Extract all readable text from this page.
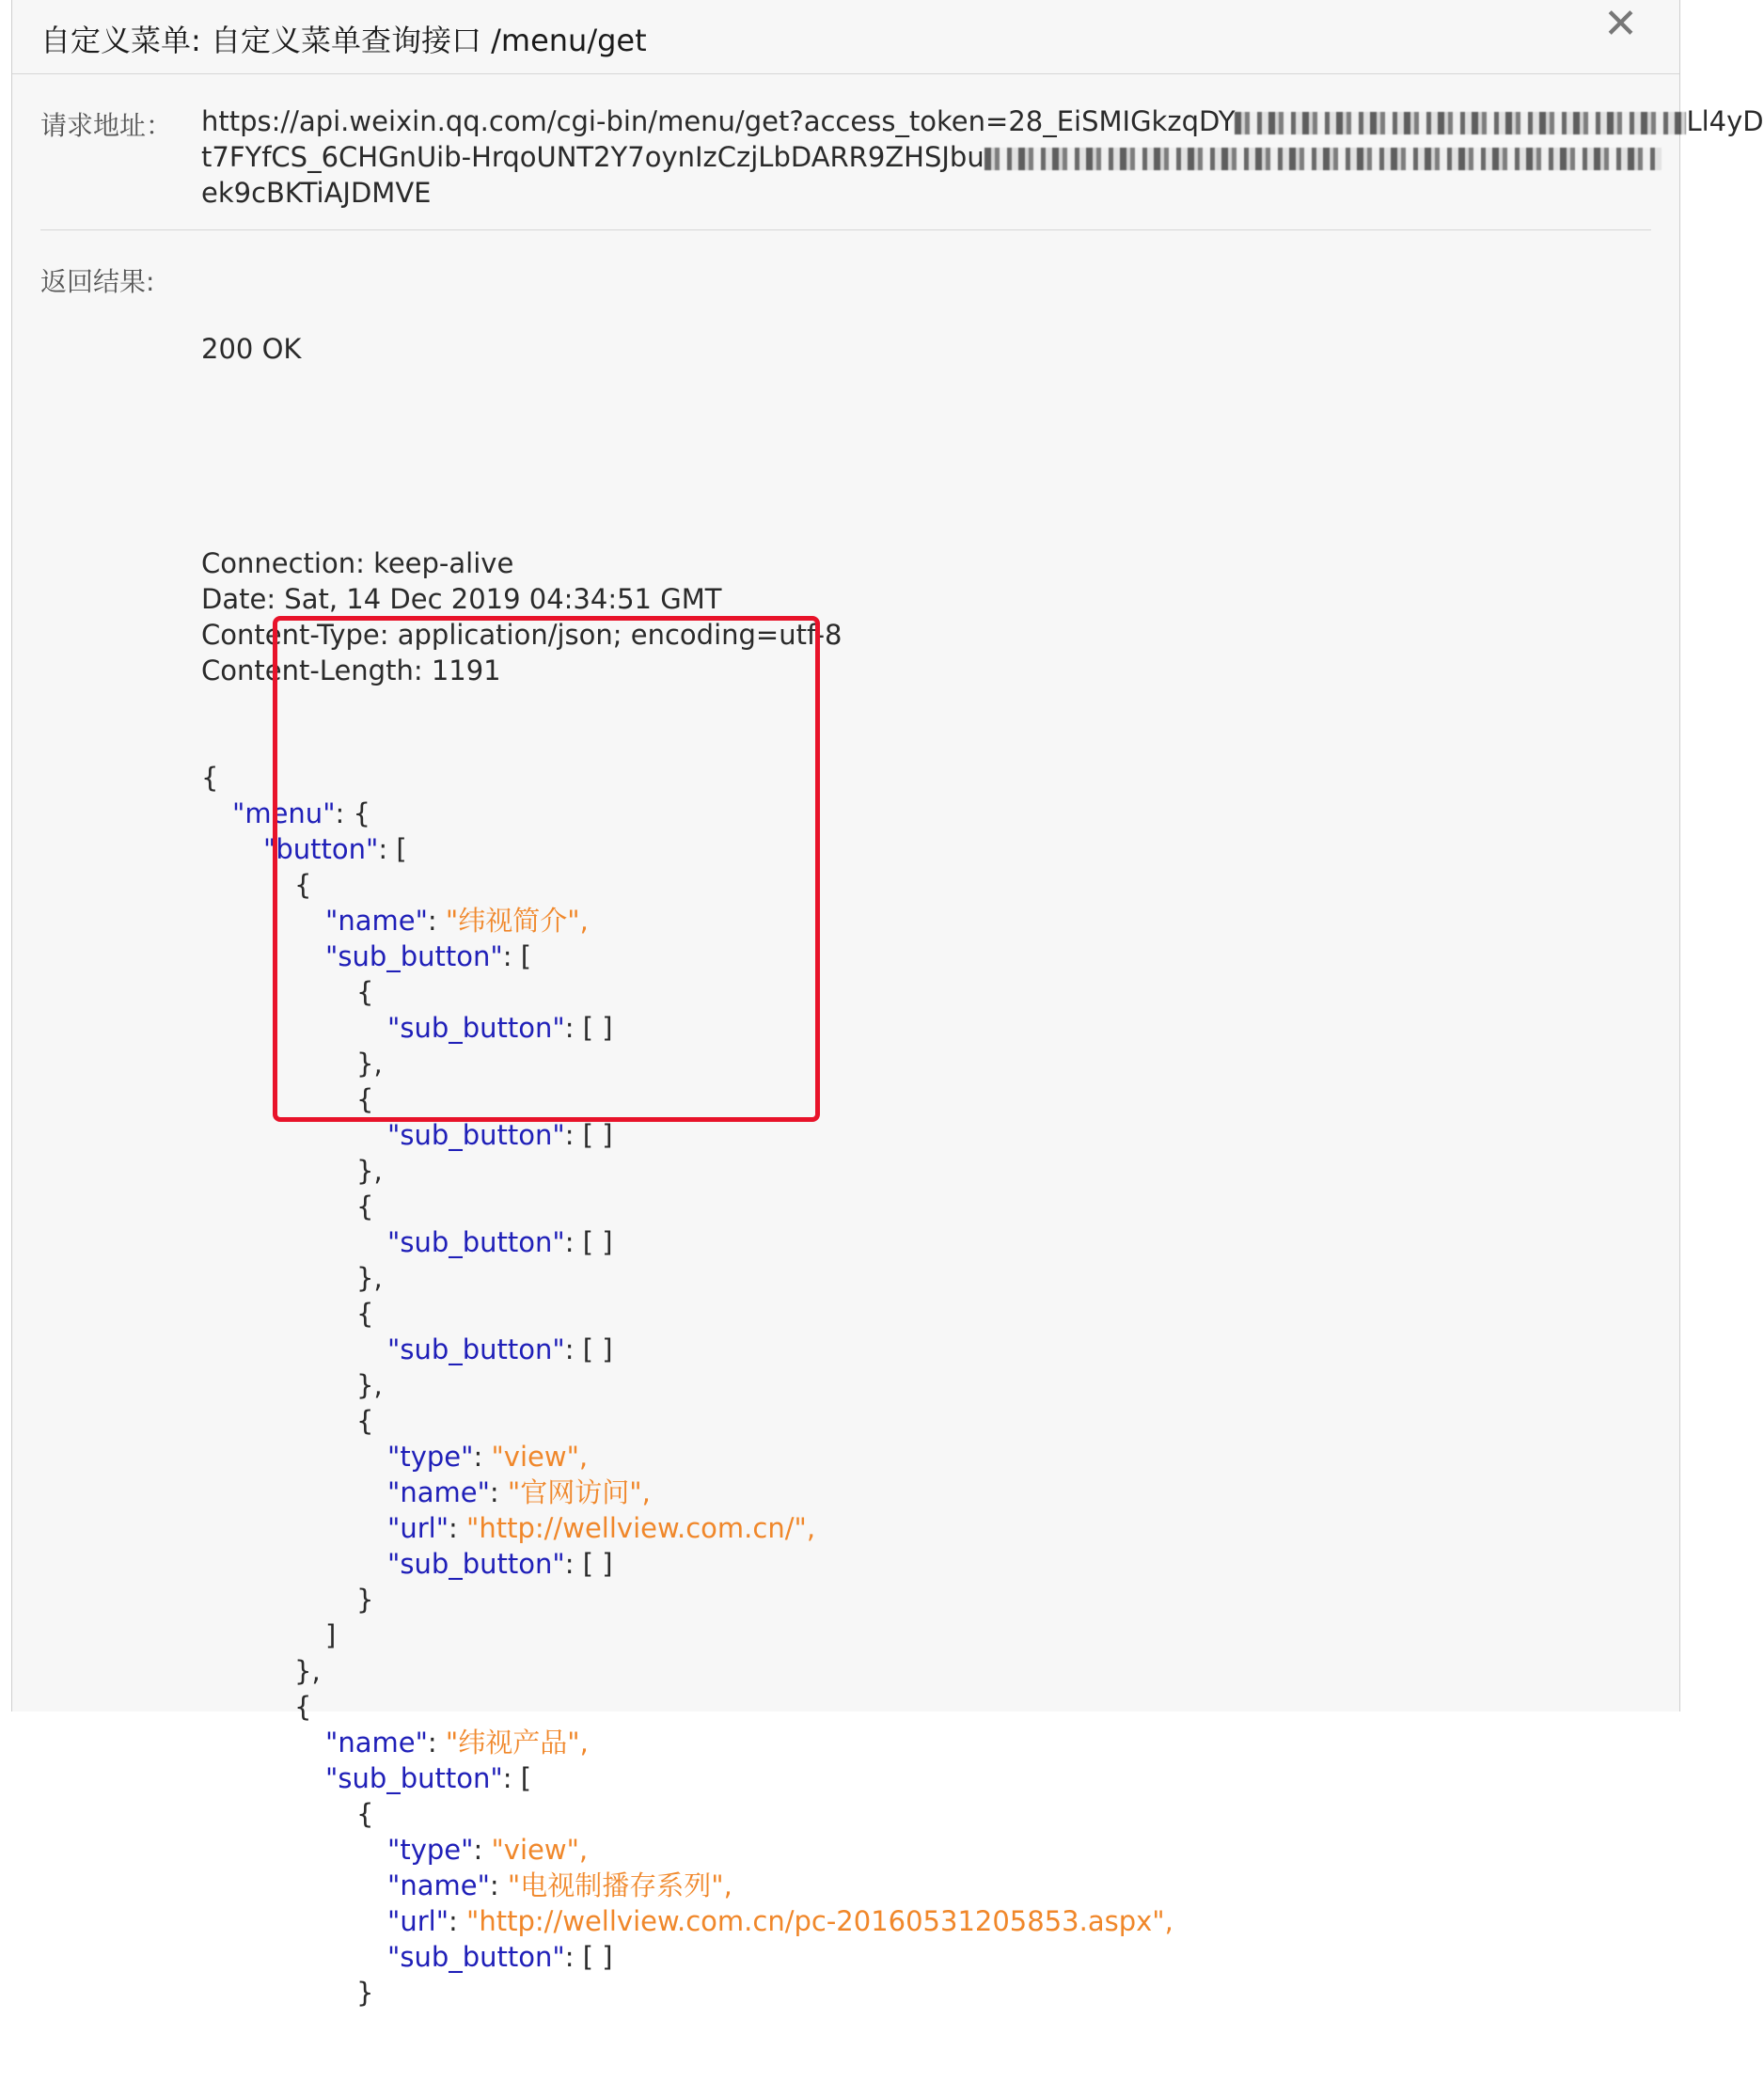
自定义菜单: 自定义菜单查询接口 /menu/get	✕
请求地址： https://api.weixin.qq.com/cgi-bin/menu/get?access_token=28_EiSMIGkzqDY	Ll4yD
t7FYfCS_6CHGnUib-HrqoUNT2Y7oynIzCzjLbDARR9ZHSJbu
ek9cBKTiAJDMVE
返回结果:

200 OK

Connection: keep-alive
Date: Sat, 14 Dec 2019 04:34:51 GMT
Content-Type: application/json; encoding=utf-8
Content-Length: 1191

{
"menu": {
"button": [
{
"name": "纬视简介",
"sub_button": [
{
"sub_button": [ ]
},
{
"sub_button": [ ]
},
{
"sub_button": [ ]
},
{
"sub_button": [ ]
},
{
"type": "view",
"name": "官网访问",
"url": "http://wellview.com.cn/",
"sub_button": [ ]
}
]
},
{
"name": "纬视产品",
"sub_button": [
{
"type": "view",
"name": "电视制播存系列",
"url": "http://wellview.com.cn/pc-20160531205853.aspx",
"sub_button": [ ]
}
